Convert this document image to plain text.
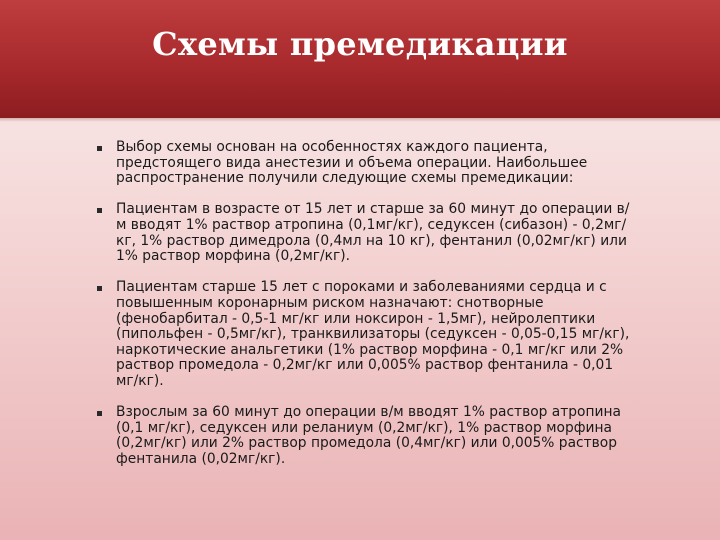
Схемы премедикации
Выбор схемы основан на особенностях каждого пациента, предстоящего вида анестезии и объема операции. Наибольшее распространение получили следующие схемы премедикации:
Пациентам в возрасте от 15 лет и старше за 60 минут до операции в/м вводят 1% раствор атропина (0,1мг/кг), седуксен (сибазон) - 0,2мг/кг, 1% раствор димедрола (0,4мл на 10 кг), фентанил (0,02мг/кг) или 1% раствор морфина (0,2мг/кг).
Пациентам старше 15 лет с пороками и заболеваниями сердца и с повышенным коронарным риском назначают: снотворные (фенобарбитал - 0,5-1 мг/кг или ноксирон - 1,5мг), нейролептики (пипольфен - 0,5мг/кг), транквилизаторы (седуксен - 0,05-0,15 мг/кг), наркотические анальгетики (1% раствор морфина - 0,1 мг/кг или 2% раствор промедола - 0,2мг/кг или 0,005% раствор фентанила - 0,01 мг/кг).
Взрослым за 60 минут до операции в/м вводят 1% раствор атропина (0,1 мг/кг), седуксен или реланиум (0,2мг/кг), 1% раствор морфина (0,2мг/кг) или 2% раствор промедола (0,4мг/кг) или 0,005% раствор фентанила (0,02мг/кг).
